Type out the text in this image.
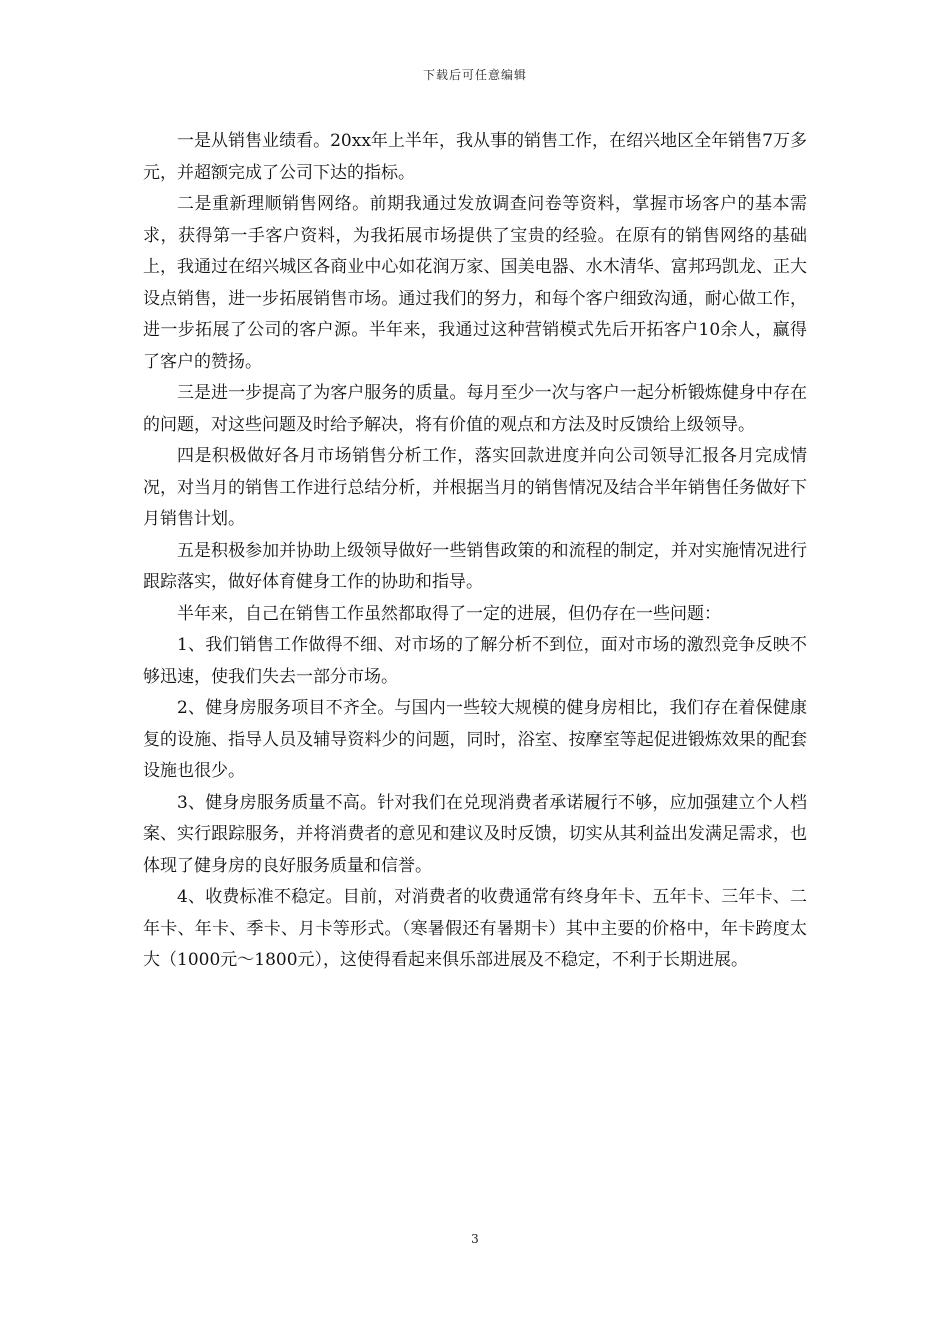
下载后可任意编辑

一是从销售业绩看。20xx年上半年，我从事的销售工作，在绍兴地区全年销售7万多元，并超额完成了公司下达的指标。

二是重新理顺销售网络。前期我通过发放调查问卷等资料，掌握市场客户的基本需求，获得第一手客户资料，为我拓展市场提供了宝贵的经验。在原有的销售网络的基础上，我通过在绍兴城区各商业中心如花润万家、国美电器、水木清华、富邦玛凯龙、正大设点销售，进一步拓展销售市场。通过我们的努力，和每个客户细致沟通，耐心做工作，进一步拓展了公司的客户源。半年来，我通过这种营销模式先后开拓客户10余人，赢得了客户的赞扬。

三是进一步提高了为客户服务的质量。每月至少一次与客户一起分析锻炼健身中存在的问题，对这些问题及时给予解决，将有价值的观点和方法及时反馈给上级领导。

四是积极做好各月市场销售分析工作，落实回款进度并向公司领导汇报各月完成情况，对当月的销售工作进行总结分析，并根据当月的销售情况及结合半年销售任务做好下月销售计划。

五是积极参加并协助上级领导做好一些销售政策的和流程的制定，并对实施情况进行跟踪落实，做好体育健身工作的协助和指导。

半年来，自己在销售工作虽然都取得了一定的进展，但仍存在一些问题：

1、我们销售工作做得不细、对市场的了解分析不到位，面对市场的激烈竞争反映不够迅速，使我们失去一部分市场。

2、健身房服务项目不齐全。与国内一些较大规模的健身房相比，我们存在着保健康复的设施、指导人员及辅导资料少的问题，同时，浴室、按摩室等起促进锻炼效果的配套设施也很少。

3、健身房服务质量不高。针对我们在兑现消费者承诺履行不够，应加强建立个人档案、实行跟踪服务，并将消费者的意见和建议及时反馈，切实从其利益出发满足需求，也体现了健身房的良好服务质量和信誉。

4、收费标准不稳定。目前，对消费者的收费通常有终身年卡、五年卡、三年卡、二年卡、年卡、季卡、月卡等形式。（寒暑假还有暑期卡）其中主要的价格中，年卡跨度太大（1000元～1800元），这使得看起来俱乐部进展及不稳定，不利于长期进展。

3
